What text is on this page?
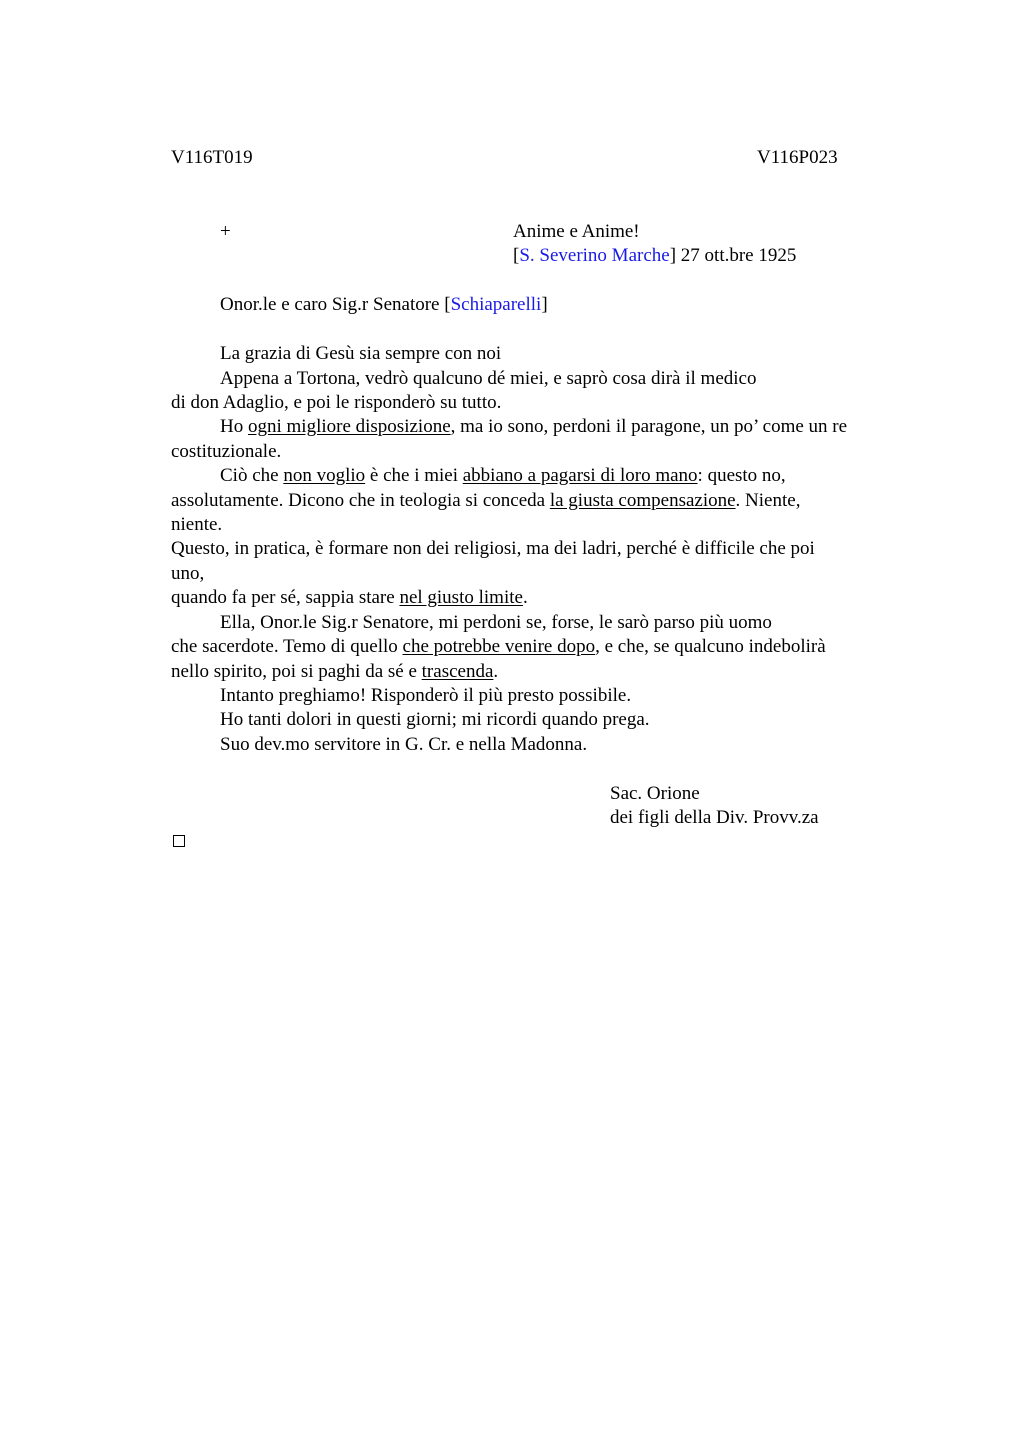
V116T019	V116P023
+	Anime e Anime!
[S. Severino Marche] 27 ott.bre 1925
Onor.le e caro Sig.r Senatore [Schiaparelli]
La grazia di Gesù sia sempre con noi
Appena a Tortona, vedrò qualcuno dé miei, e saprò cosa dirà il medico
di don Adaglio, e poi le risponderò su tutto.
Ho ogni migliore disposizione, ma io sono, perdoni il paragone, un po’ come un re
costituzionale.
Ciò che non voglio è che i miei abbiano a pagarsi di loro mano: questo no,
assolutamente. Dicono che in teologia si conceda la giusta compensazione. Niente,
niente.
Questo, in pratica, è formare non dei religiosi, ma dei ladri, perché è difficile che poi
uno,
quando fa per sé, sappia stare nel giusto limite.
Ella, Onor.le Sig.r Senatore, mi perdoni se, forse, le sarò parso più uomo
che sacerdote. Temo di quello che potrebbe venire dopo, e che, se qualcuno indebolirà
nello spirito, poi si paghi da sé e trascenda.
Intanto preghiamo! Risponderò il più presto possibile.
Ho tanti dolori in questi giorni; mi ricordi quando prega.
Suo dev.mo servitore in G. Cr. e nella Madonna.
Sac. Orione
dei figli della Div. Provv.za
